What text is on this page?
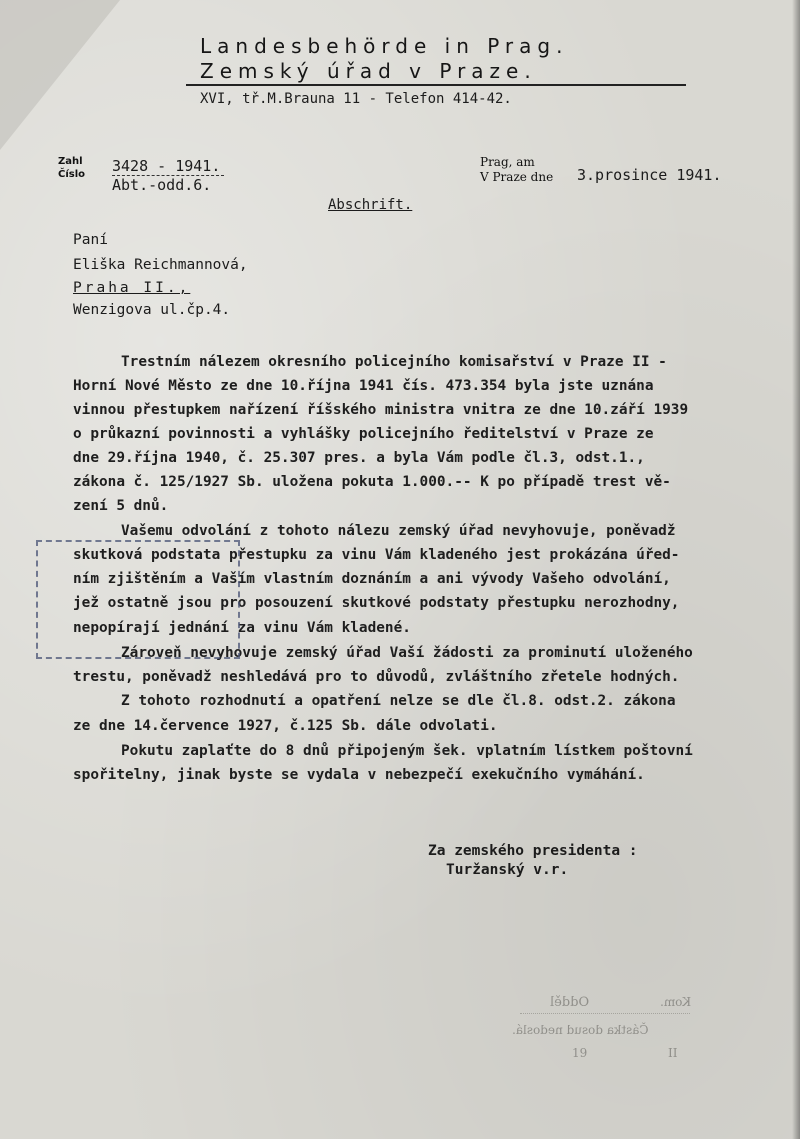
Landesbehörde in Prag.
Zemský úřad v Praze.
XVI, tř.M.Brauna 11 - Telefon 414-42.
Zahl
Číslo 3428 - 1941.
Abt.-odd.6.
Prag, am
V Praze dne 3.prosince 1941.
Abschrift.
Paní
Eliška Reichmannová,
Praha II.,
Wenzigova ul.čp.4.
Trestním nálezem okresního policejního komisařství v Praze II -
Horní Nové Město ze dne 10.října 1941 čís. 473.354 byla jste uznána
vinnou přestupkem nařízení říšského ministra vnitra ze dne 10.září 1939
o průkazní povinnosti a vyhlášky policejního ředitelství v Praze ze
dne 29.října 1940, č. 25.307 pres. a byla Vám podle čl.3, odst.1.,
zákona č. 125/1927 Sb. uložena pokuta 1.000.-- K po případě trest vě-
zení 5 dnů.
Vašemu odvolání z tohoto nálezu zemský úřad nevyhovuje, poněvadž
skutková podstata přestupku za vinu Vám kladeného jest prokázána úřed-
ním zjištěním a Vaším vlastním doznáním a ani vývody Vašeho odvolání,
jež ostatně jsou pro posouzení skutkové podstaty přestupku nerozhodny,
nepopírají jednání za vinu Vám kladené.
Zároveň nevyhovuje zemský úřad Vaší žádosti za prominutí uloženého
trestu, poněvadž neshledává pro to důvodů, zvláštního zřetele hodných.
Z tohoto rozhodnutí a opatření nelze se dle čl.8. odst.2. zákona
ze dne 14.července 1927, č.125 Sb. dále odvolati.
Pokutu zaplaťte do 8 dnů připojeným šek. vplatním lístkem poštovní
spořitelny, jinak byste se vydala v nebezpečí exekučního vymáhání.
Za zemského presidenta :
Turžanský v.r.
Kom.
Odděl
Částka dosud nedoslá.
II
19
